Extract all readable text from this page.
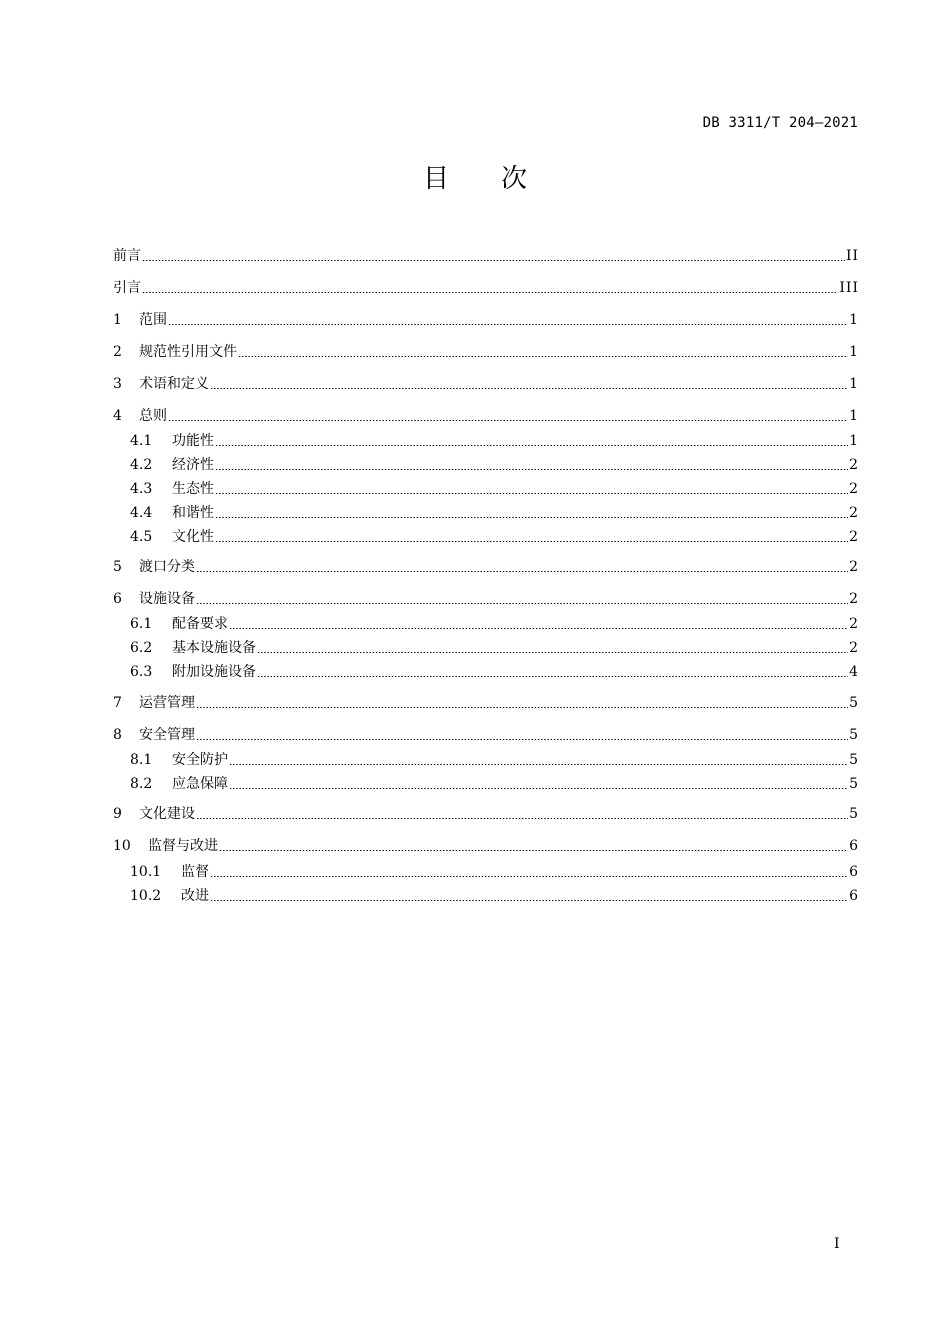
DB 3311/T 204—2021
目次
前言	II
引言	III
1	范围	1
2	规范性引用文件	1
3	术语和定义	1
4	总则	1
4.1	功能性	1
4.2	经济性	2
4.3	生态性	2
4.4	和谐性	2
4.5	文化性	2
5	渡口分类	2
6	设施设备	2
6.1	配备要求	2
6.2	基本设施设备	2
6.3	附加设施设备	4
7	运营管理	5
8	安全管理	5
8.1	安全防护	5
8.2	应急保障	5
9	文化建设	5
10	监督与改进	6
10.1	监督	6
10.2	改进	6
I
